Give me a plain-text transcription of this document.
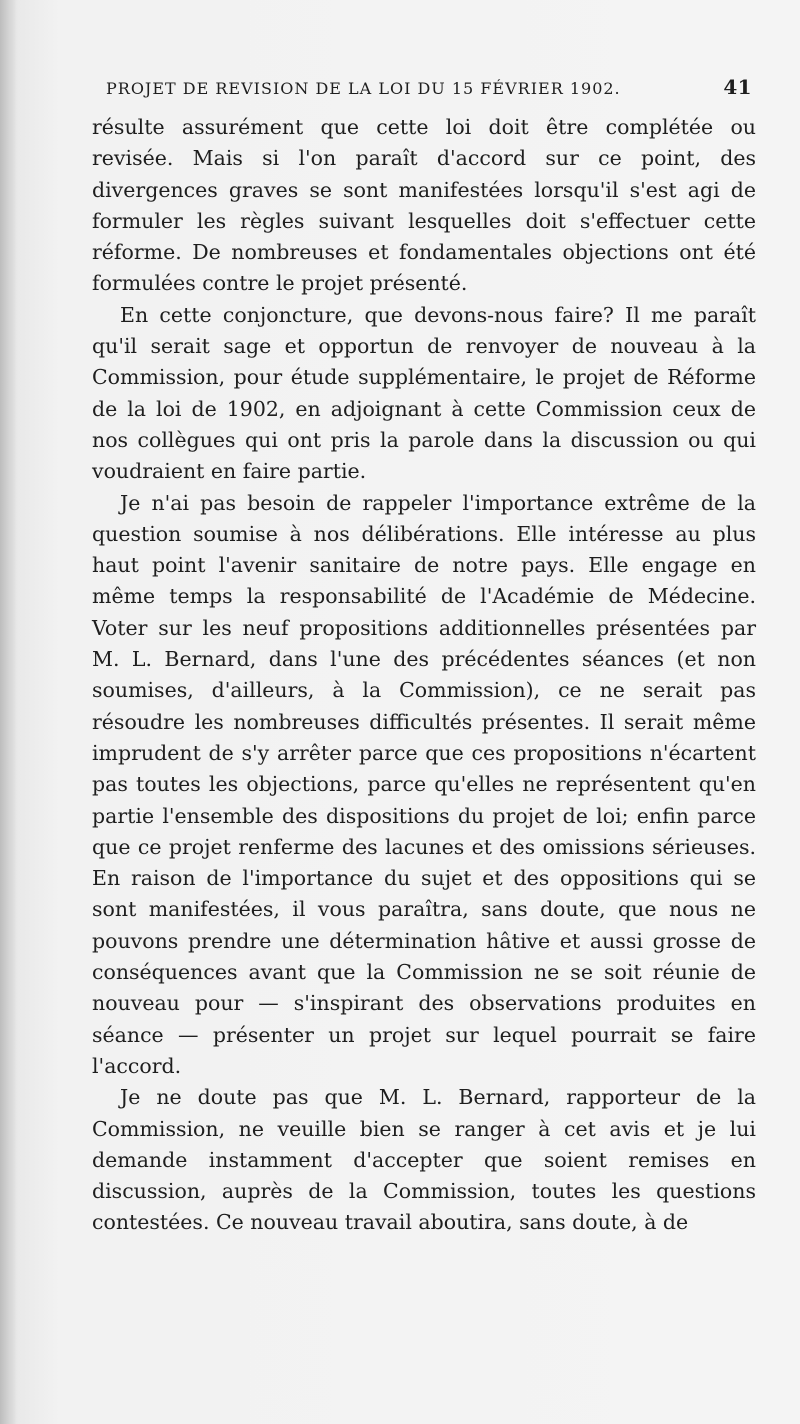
PROJET DE REVISION DE LA LOI DU 15 FÉVRIER 1902.	41

résulte assurément que cette loi doit être complétée ou revisée. Mais si l'on paraît d'accord sur ce point, des divergences graves se sont manifestées lorsqu'il s'est agi de formuler les règles suivant lesquelles doit s'effectuer cette réforme. De nombreuses et fondamentales objections ont été formulées contre le projet présenté.

En cette conjoncture, que devons-nous faire? Il me paraît qu'il serait sage et opportun de renvoyer de nouveau à la Commission, pour étude supplémentaire, le projet de Réforme de la loi de 1902, en adjoignant à cette Commission ceux de nos collègues qui ont pris la parole dans la discussion ou qui voudraient en faire partie.

Je n'ai pas besoin de rappeler l'importance extrême de la question soumise à nos délibérations. Elle intéresse au plus haut point l'avenir sanitaire de notre pays. Elle engage en même temps la responsabilité de l'Académie de Médecine. Voter sur les neuf propositions additionnelles présentées par M. L. Bernard, dans l'une des précédentes séances (et non soumises, d'ailleurs, à la Commission), ce ne serait pas résoudre les nombreuses difficultés présentes. Il serait même imprudent de s'y arrêter parce que ces propositions n'écartent pas toutes les objections, parce qu'elles ne représentent qu'en partie l'ensemble des dispositions du projet de loi; enfin parce que ce projet renferme des lacunes et des omissions sérieuses. En raison de l'importance du sujet et des oppositions qui se sont manifestées, il vous paraîtra, sans doute, que nous ne pouvons prendre une détermination hâtive et aussi grosse de conséquences avant que la Commission ne se soit réunie de nouveau pour — s'inspirant des observations produites en séance — présenter un projet sur lequel pourrait se faire l'accord.

Je ne doute pas que M. L. Bernard, rapporteur de la Commission, ne veuille bien se ranger à cet avis et je lui demande instamment d'accepter que soient remises en discussion, auprès de la Commission, toutes les questions contestées. Ce nouveau travail aboutira, sans doute, à de
